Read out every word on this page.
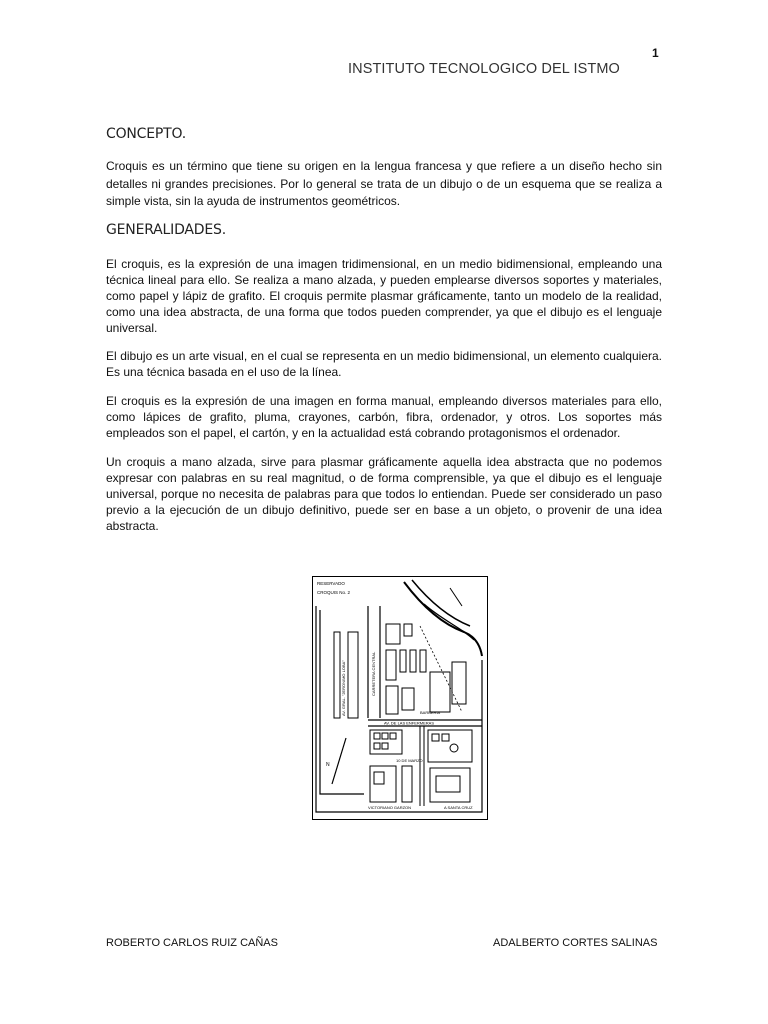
1
INSTITUTO TECNOLOGICO DEL ISTMO
CONCEPTO.

Croquis es un término que tiene su origen en la lengua francesa y que refiere a un diseño hecho sin detalles ni grandes precisiones. Por lo general se trata de un dibujo o de un esquema que se realiza a simple vista, sin la ayuda de instrumentos geométricos.

GENERALIDADES.

El croquis, es la expresión de una imagen tridimensional, en un medio bidimensional, empleando una técnica lineal para ello. Se realiza a mano alzada, y pueden emplearse diversos soportes y materiales, como papel y lápiz de grafito. El croquis permite plasmar gráficamente, tanto un modelo de la realidad, como una idea abstracta, de una forma que todos pueden comprender, ya que el dibujo es el lenguaje universal.

El dibujo es un arte visual, en el cual se representa en un medio bidimensional, un elemento cualquiera. Es una técnica basada en el uso de la línea.

El croquis es la expresión de una imagen en forma manual, empleando diversos materiales para ello, como lápices de grafito, pluma, crayones, carbón, fibra, ordenador, y otros. Los soportes más empleados son el papel, el cartón, y en la actualidad está cobrando protagonismos el ordenador.

Un croquis a mano alzada, sirve para plasmar gráficamente aquella idea abstracta que no podemos expresar con palabras en su real magnitud, o de forma comprensible, ya que el dibujo es el lenguaje universal, porque no necesita de palabras para que todos lo entiendan. Puede ser considerado un paso previo a la ejecución de un dibujo definitivo, puede ser en base a un objeto, o provenir de una idea abstracta.

RESERVADO
CROQUIS No. 2
AV. GRAL. "JERONIMO LOBA"	CARRETERA CENTRAL
BARBERIA
AV. DE LAS ENFERMERAS
10 DE MARZO
VICTORIANO GARZON	A SANTA CRUZ
N
ROBERTO CARLOS RUIZ CAÑAS	ADALBERTO CORTES SALINAS
